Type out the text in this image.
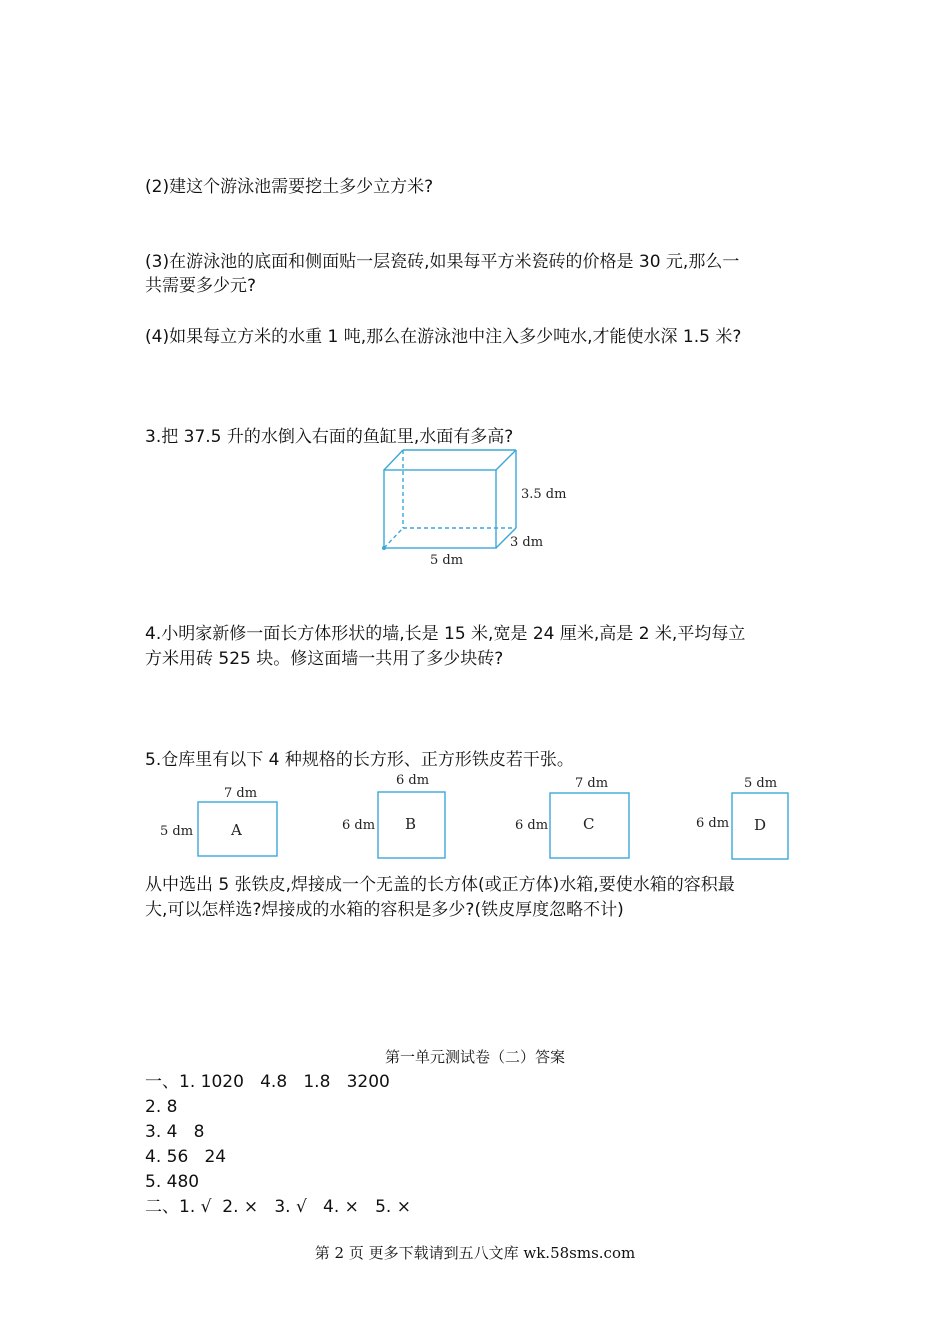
(2)建这个游泳池需要挖土多少立方米?
(3)在游泳池的底面和侧面贴一层瓷砖,如果每平方米瓷砖的价格是 30 元,那么一
共需要多少元?
(4)如果每立方米的水重 1 吨,那么在游泳池中注入多少吨水,才能使水深 1.5 米?
3.把 37.5 升的水倒入右面的鱼缸里,水面有多高?
3.5 dm
3 dm
5 dm
4.小明家新修一面长方体形状的墙,长是 15 米,宽是 24 厘米,高是 2 米,平均每立
方米用砖 525 块。修这面墙一共用了多少块砖?
5.仓库里有以下 4 种规格的长方形、正方形铁皮若干张。
7 dm
5 dm	A
6 dm
6 dm B
7 dm
6 dm C
5 dm
6 dm D
从中选出 5 张铁皮,焊接成一个无盖的长方体(或正方体)水箱,要使水箱的容积最
大,可以怎样选?焊接成的水箱的容积是多少?(铁皮厚度忽略不计)
第一单元测试卷（二）答案
一、1. 1020   4.8   1.8   3200
2. 8
3. 4   8
4. 56   24
5. 480
二、1. √  2. ×   3. √   4. ×   5. ×
第 2 页 更多下载请到五八文库 wk.58sms.com
